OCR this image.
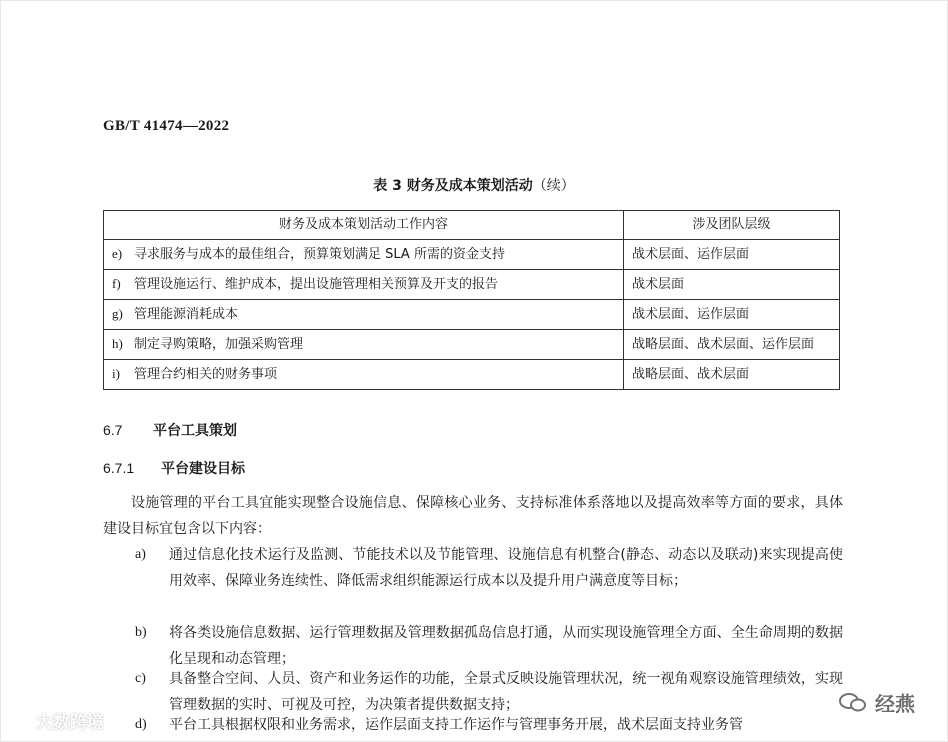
GB/T 41474—2022
表 3 财务及成本策划活动（续）
财务及成本策划活动工作内容	涉及团队层级
e) 寻求服务与成本的最佳组合，预算策划满足 SLA 所需的资金支持	战术层面、运作层面
f) 管理设施运行、维护成本，提出设施管理相关预算及开支的报告	战术层面
g) 管理能源消耗成本	战术层面、运作层面
h) 制定寻购策略，加强采购管理	战略层面、战术层面、运作层面
i) 管理合约相关的财务事项	战略层面、战术层面
6.7 平台工具策划
6.7.1 平台建设目标
设施管理的平台工具宜能实现整合设施信息、保障核心业务、支持标准体系落地以及提高效率等方面的要求，具体建设目标宜包含以下内容：
a) 通过信息化技术运行及监测、节能技术以及节能管理、设施信息有机整合(静态、动态以及联动)来实现提高使用效率、保障业务连续性、降低需求组织能源运行成本以及提升用户满意度等目标；
b) 将各类设施信息数据、运行管理数据及管理数据孤岛信息打通，从而实现设施管理全方面、全生命周期的数据化呈现和动态管理；
c) 具备整合空间、人员、资产和业务运作的功能，全景式反映设施管理状况，统一视角观察设施管理绩效，实现管理数据的实时、可视及可控，为决策者提供数据支持；
d) 平台工具根据权限和业务需求，运作层面支持工作运作与管理事务开展，战术层面支持业务管
大数跨境
经燕
